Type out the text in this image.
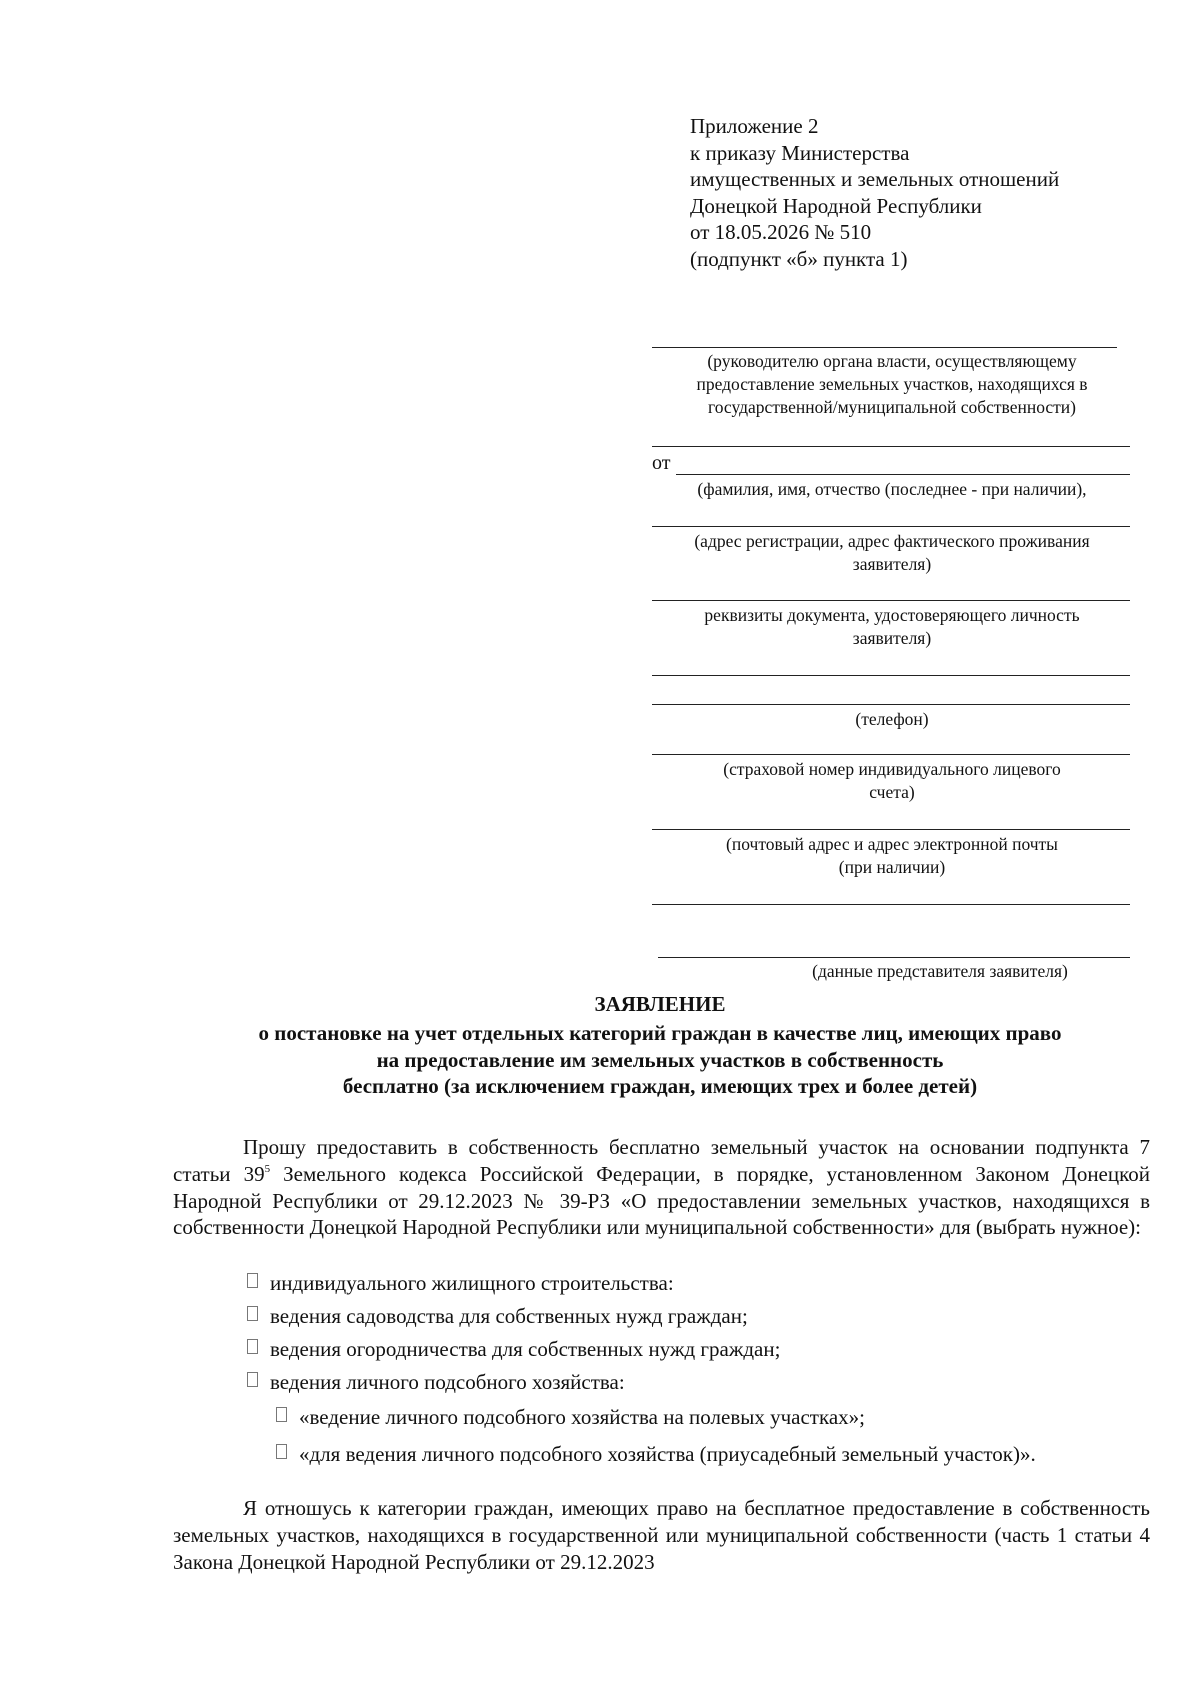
Приложение 2
к приказу Министерства
имущественных и земельных отношений
Донецкой Народной Республики
от 18.05.2026 № 510
(подпункт «б» пункта 1)
(руководителю органа власти, осуществляющему
предоставление земельных участков, находящихся в
государственной/муниципальной собственности)
от
(фамилия, имя, отчество (последнее - при наличии),
(адрес регистрации, адрес фактического проживания
заявителя)
реквизиты документа, удостоверяющего личность
заявителя)
(телефон)
(страховой номер индивидуального лицевого
счета)
(почтовый адрес и адрес электронной почты
(при наличии)
(данные представителя заявителя)
ЗАЯВЛЕНИЕ
о постановке на учет отдельных категорий граждан в качестве лиц, имеющих право
на предоставление им земельных участков в собственность
бесплатно (за исключением граждан, имеющих трех и более детей)
Прошу предоставить в собственность бесплатно земельный участок на основании подпункта 7 статьи $39^5$ Земельного кодекса Российской Федерации, в порядке, установленном Законом Донецкой Народной Республики от 29.12.2023 № 39-РЗ «О предоставлении земельных участков, находящихся в собственности Донецкой Народной Республики или муниципальной собственности» для (выбрать нужное):
индивидуального жилищного строительства:
ведения садоводства для собственных нужд граждан;
ведения огородничества для собственных нужд граждан;
ведения личного подсобного хозяйства:
«ведение личного подсобного хозяйства на полевых участках»;
«для ведения личного подсобного хозяйства (приусадебный земельный участок)».
Я отношусь к категории граждан, имеющих право на бесплатное предоставление в собственность земельных участков, находящихся в государственной или муниципальной собственности (часть 1 статьи 4 Закона Донецкой Народной Республики от 29.12.2023
